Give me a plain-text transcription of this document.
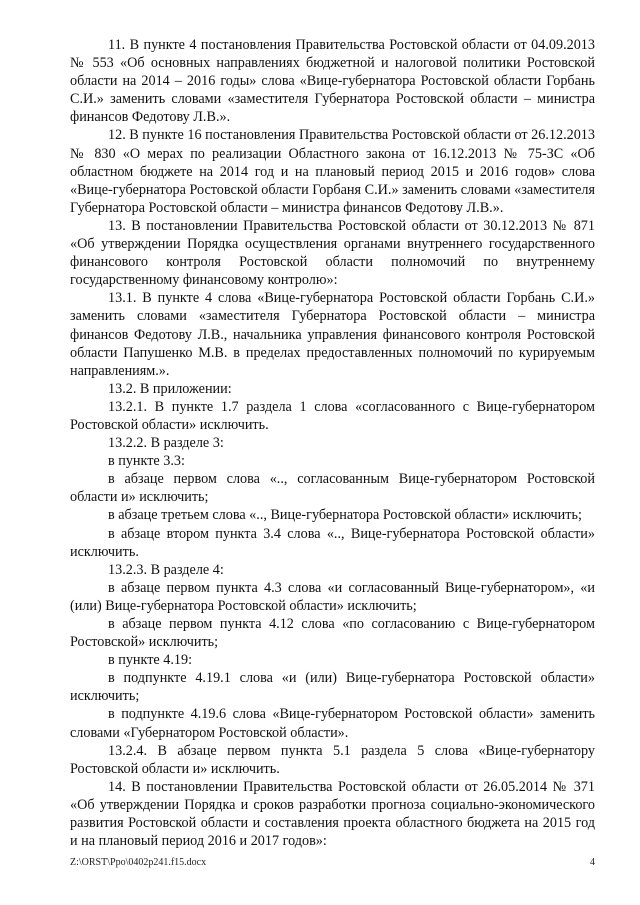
11. В пункте 4 постановления Правительства Ростовской области от 04.09.2013 № 553 «Об основных направлениях бюджетной и налоговой политики Ростовской области на 2014 – 2016 годы» слова «Вице-губернатора Ростовской области Горбань С.И.» заменить словами «заместителя Губернатора Ростовской области – министра финансов Федотову Л.В.».

12. В пункте 16 постановления Правительства Ростовской области от 26.12.2013 № 830 «О мерах по реализации Областного закона от 16.12.2013 № 75-ЗС «Об областном бюджете на 2014 год и на плановый период 2015 и 2016 годов» слова «Вице-губернатора Ростовской области Горбаня С.И.» заменить словами «заместителя Губернатора Ростовской области – министра финансов Федотову Л.В.».

13. В постановлении Правительства Ростовской области от 30.12.2013 № 871 «Об утверждении Порядка осуществления органами внутреннего государственного финансового контроля Ростовской области полномочий по внутреннему государственному финансовому контролю»:

13.1. В пункте 4 слова «Вице-губернатора Ростовской области Горбань С.И.» заменить словами «заместителя Губернатора Ростовской области – министра финансов Федотову Л.В., начальника управления финансового контроля Ростовской области Папушенко М.В. в пределах предоставленных полномочий по курируемым направлениям.».

13.2. В приложении:

13.2.1. В пункте 1.7 раздела 1 слова «согласованного с Вице-губернатором Ростовской области» исключить.

13.2.2. В разделе 3:

в пункте 3.3:

в абзаце первом слова «.., согласованным Вице-губернатором Ростовской области и» исключить;

в абзаце третьем слова «.., Вице-губернатора Ростовской области» исключить;

в абзаце втором пункта 3.4 слова «.., Вице-губернатора Ростовской области» исключить.

13.2.3. В разделе 4:

в абзаце первом пункта 4.3 слова «и согласованный Вице-губернатором», «и (или) Вице-губернатора Ростовской области» исключить;

в абзаце первом пункта 4.12 слова «по согласованию с Вице-губернатором Ростовской» исключить;

в пункте 4.19:

в подпункте 4.19.1 слова «и (или) Вице-губернатора Ростовской области» исключить;

в подпункте 4.19.6 слова «Вице-губернатором Ростовской области» заменить словами «Губернатором Ростовской области».

13.2.4. В абзаце первом пункта 5.1 раздела 5 слова «Вице-губернатору Ростовской области и» исключить.

14. В постановлении Правительства Ростовской области от 26.05.2014 № 371 «Об утверждении Порядка и сроков разработки прогноза социально-экономического развития Ростовской области и составления проекта областного бюджета на 2015 год и на плановый период 2016 и 2017 годов»:

Z:\ORST\Ppo\0402p241.f15.docx	4
